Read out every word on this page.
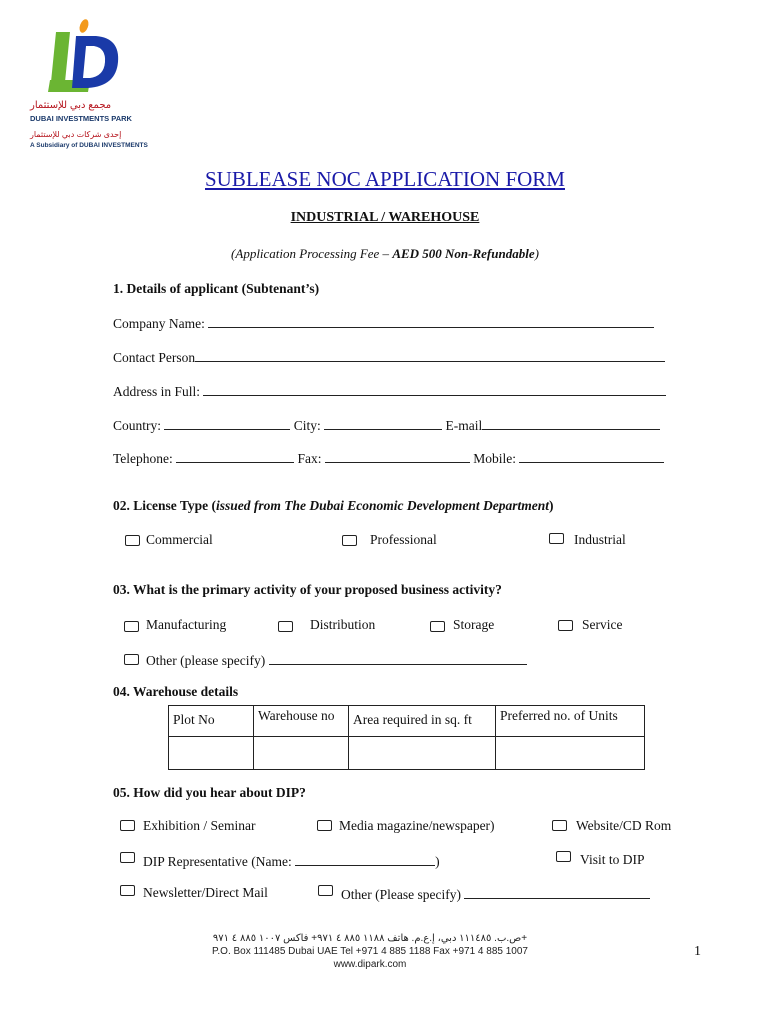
مجمع دبي للإستثمار
DUBAI INVESTMENTS PARK
إحدى شركات دبي للإستثمار
A Subsidiary of DUBAI INVESTMENTS
SUBLEASE NOC APPLICATION FORM
INDUSTRIAL / WAREHOUSE
(Application Processing Fee – AED 500 Non-Refundable)
1. Details of applicant (Subtenant’s)
Company Name:
Contact Person
Address in Full:
Country:	City:	E-mail
Telephone:	Fax:	Mobile:
02. License Type (issued from The Dubai Economic Development Department)
Commercial	Professional	Industrial
03. What is the primary activity of your proposed business activity?
Manufacturing	Distribution	Storage	Service
Other (please specify)
04. Warehouse details
Plot No	Warehouse no	Area required in sq. ft	Preferred no. of Units

05. How did you hear about DIP?
Exhibition / Seminar	Media magazine/newspaper)	Website/CD Rom
DIP Representative (Name:	)	Visit to DIP
Newsletter/Direct Mail	Other (Please specify)
ص.ب. ١١١٤٨٥ دبي، إ.ع.م. هاتف ١١٨٨ ٨٨٥ ٤ ٩٧١+ فاكس ١٠٠٧ ٨٨٥ ٤ ٩٧١+
P.O. Box 111485 Dubai UAE Tel +971 4 885 1188 Fax +971 4 885 1007
www.dipark.com
1
